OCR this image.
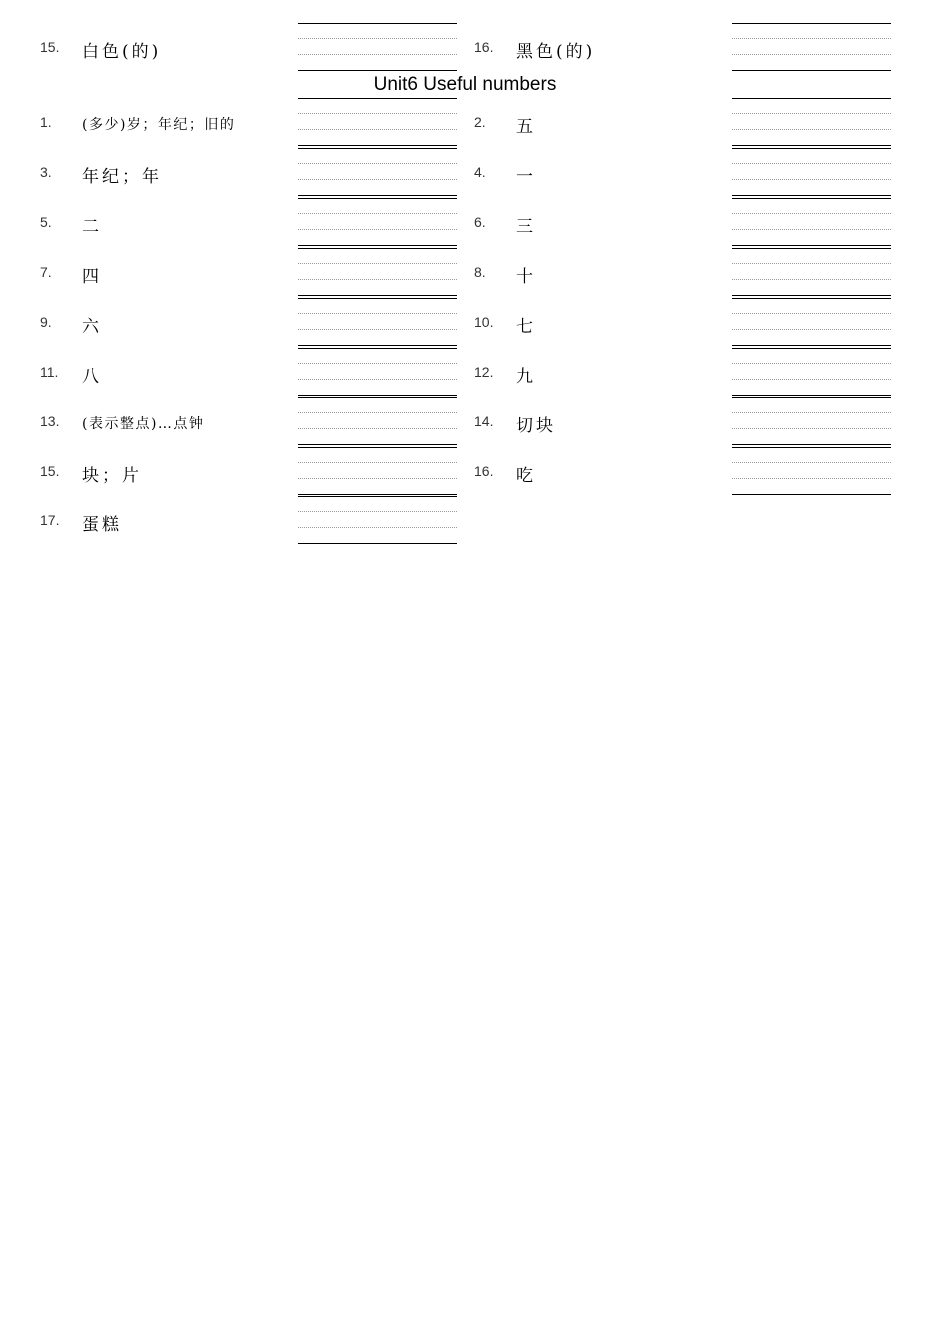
15. 白色(的)	16. 黑色(的)
Unit6 Useful numbers
1. (多少)岁；年纪；旧的	2. 五
3. 年纪；年	4. 一
5. 二	6. 三
7. 四	8. 十
9. 六	10. 七
11. 八	12. 九
13. (表示整点)…点钟	14. 切块
15. 块；片	16. 吃
17. 蛋糕
